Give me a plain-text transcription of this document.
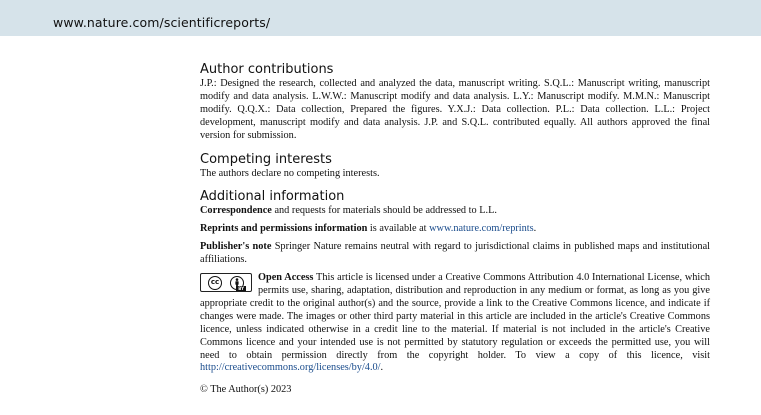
www.nature.com/scientificreports/
Author contributions

J.P.: Designed the research, collected and analyzed the data, manuscript writing. S.Q.L.: Manuscript writing, manuscript modify and data analysis. L.W.W.: Manuscript modify and data analysis. L.Y.: Manuscript modify. M.M.N.: Manuscript modify. Q.Q.X.: Data collection, Prepared the figures. Y.X.J.: Data collection. P.L.: Data collection. L.L.: Project development, manuscript modify and data analysis. J.P. and S.Q.L. contributed equally. All authors approved the final version for submission.

Competing interests

The authors declare no competing interests.

Additional information

Correspondence and requests for materials should be addressed to L.L.

Reprints and permissions information is available at www.nature.com/reprints.

Publisher's note Springer Nature remains neutral with regard to jurisdictional claims in published maps and institutional affiliations.

cc
BY
Open Access This article is licensed under a Creative Commons Attribution 4.0 International License, which permits use, sharing, adaptation, distribution and reproduction in any medium or format, as long as you give appropriate credit to the original author(s) and the source, provide a link to the Creative Commons licence, and indicate if changes were made. The images or other third party material in this article are included in the article's Creative Commons licence, unless indicated otherwise in a credit line to the material. If material is not included in the article's Creative Commons licence and your intended use is not permitted by statutory regulation or exceeds the permitted use, you will need to obtain permission directly from the copyright holder. To view a copy of this licence, visit http://creativecommons.org/licenses/by/4.0/.

© The Author(s) 2023
